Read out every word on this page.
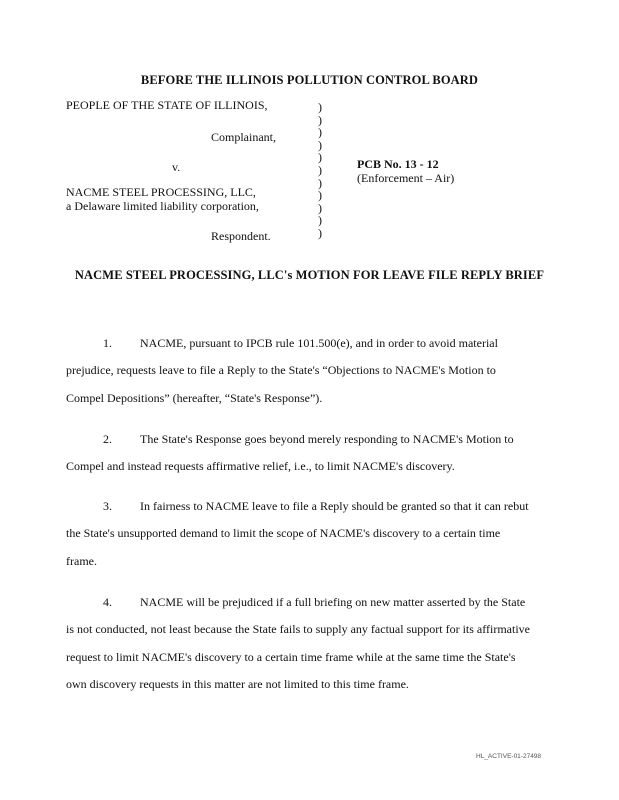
BEFORE THE ILLINOIS POLLUTION CONTROL BOARD
PEOPLE OF THE STATE OF ILLINOIS,
Complainant,
v.
NACME STEEL PROCESSING, LLC,
a Delaware limited liability corporation,
Respondent.
)
)
)
)
)
)
)
)
)
)
)
PCB No. 13 - 12
(Enforcement – Air)
NACME STEEL PROCESSING, LLC's MOTION FOR LEAVE FILE REPLY BRIEF
1. NACME, pursuant to IPCB rule 101.500(e), and in order to avoid material
prejudice, requests leave to file a Reply to the State's “Objections to NACME's Motion to
Compel Depositions” (hereafter, “State's Response”).
2. The State's Response goes beyond merely responding to NACME's Motion to
Compel and instead requests affirmative relief, i.e., to limit NACME's discovery.
3. In fairness to NACME leave to file a Reply should be granted so that it can rebut
the State's unsupported demand to limit the scope of NACME's discovery to a certain time
frame.
4. NACME will be prejudiced if a full briefing on new matter asserted by the State
is not conducted, not least because the State fails to supply any factual support for its affirmative
request to limit NACME's discovery to a certain time frame while at the same time the State's
own discovery requests in this matter are not limited to this time frame.
HL_ACTIVE-01-27498
